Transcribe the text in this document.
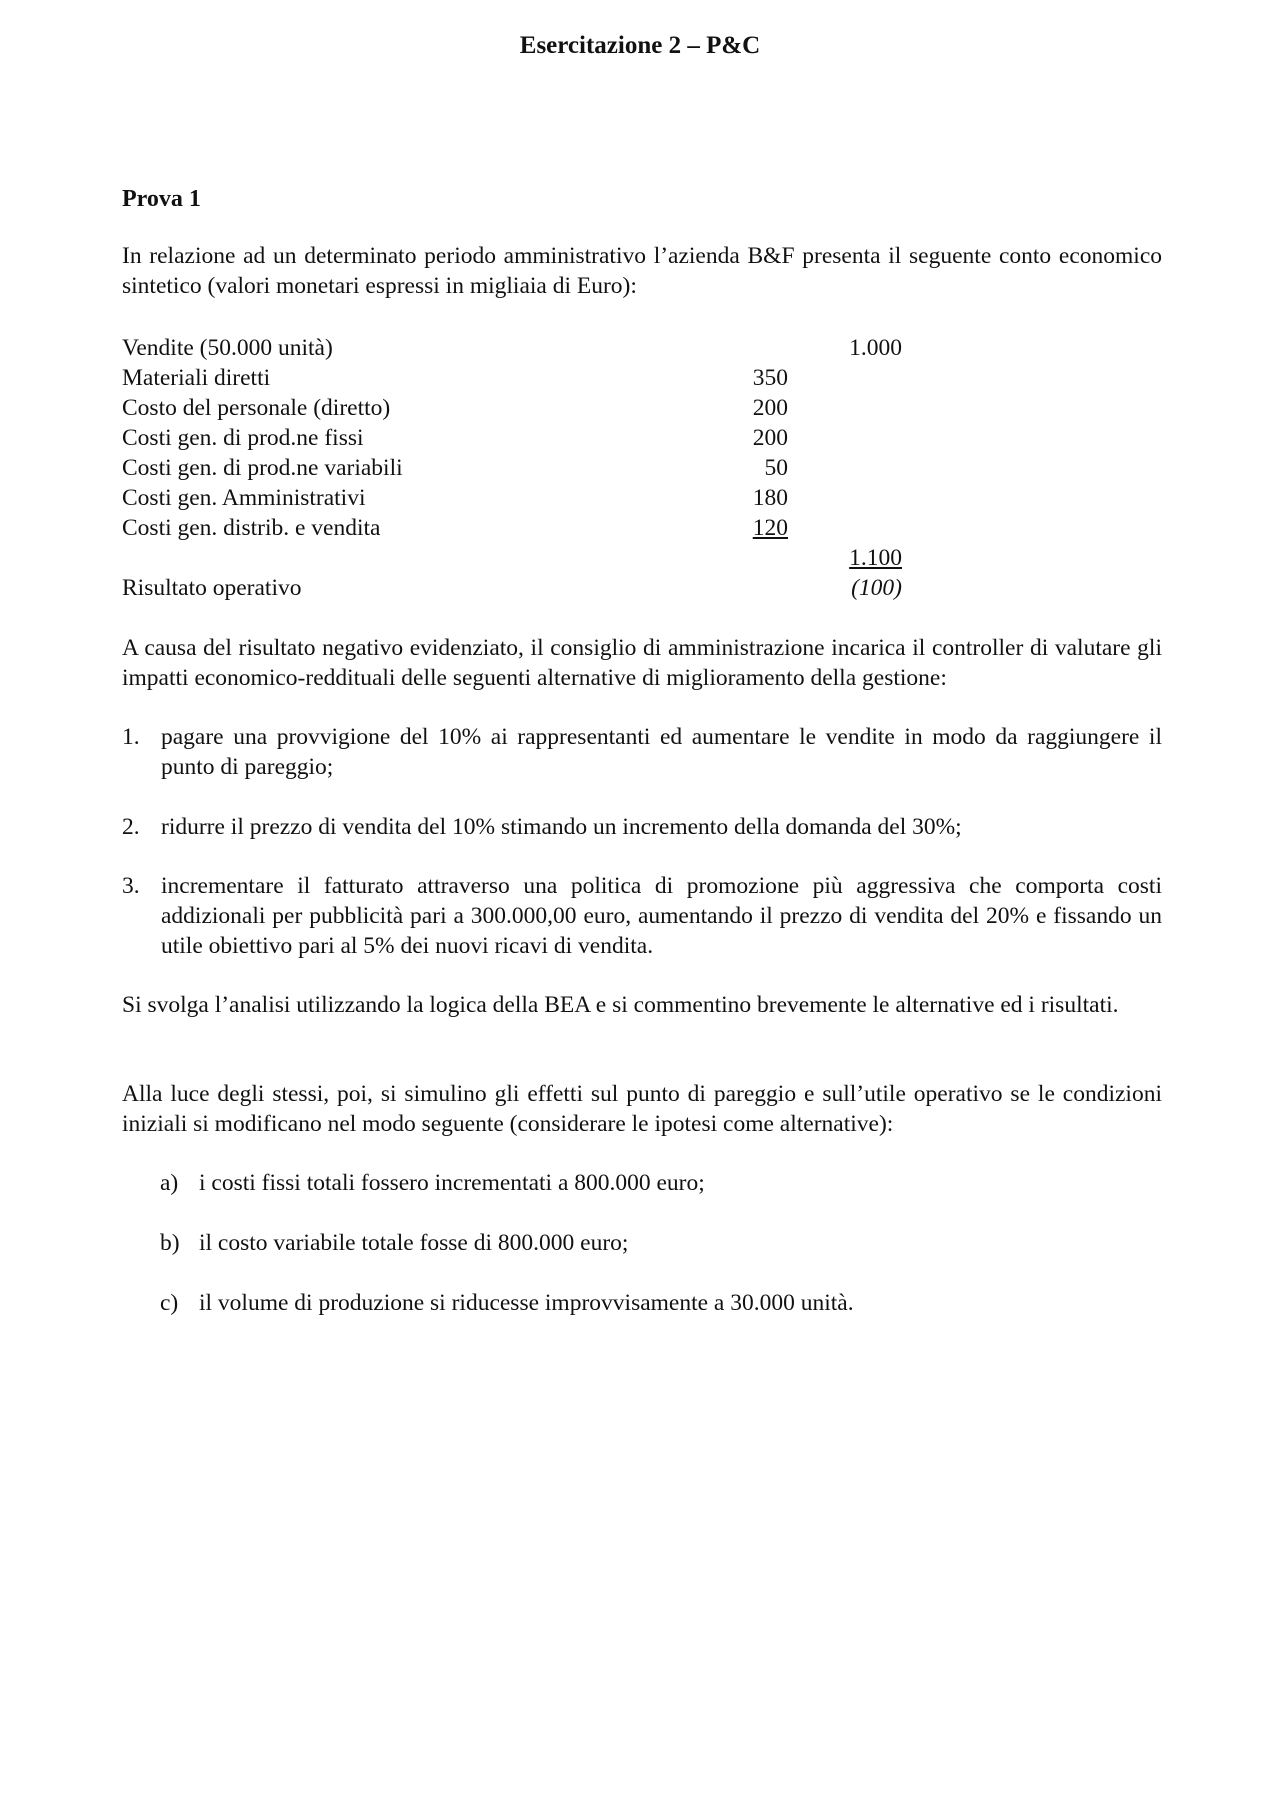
Esercitazione 2 – P&C
Prova 1
In relazione ad un determinato periodo amministrativo l’azienda B&F presenta il seguente conto economico sintetico (valori monetari espressi in migliaia di Euro):
Vendite (50.000 unità)	1.000
Materiali diretti	350
Costo del personale (diretto)	200
Costi gen. di prod.ne fissi	200
Costi gen. di prod.ne variabili	50
Costi gen. Amministrativi	180
Costi gen. distrib. e vendita	120
1.100
Risultato operativo	(100)
A causa del risultato negativo evidenziato, il consiglio di amministrazione incarica il controller di valutare gli impatti economico-reddituali delle seguenti alternative di miglioramento della gestione:
1. pagare una provvigione del 10% ai rappresentanti ed aumentare le vendite in modo da raggiungere il punto di pareggio;
2. ridurre il prezzo di vendita del 10% stimando un incremento della domanda del 30%;
3. incrementare il fatturato attraverso una politica di promozione più aggressiva che comporta costi addizionali per pubblicità pari a 300.000,00 euro, aumentando il prezzo di vendita del 20% e fissando un utile obiettivo pari al 5% dei nuovi ricavi di vendita.
Si svolga l’analisi utilizzando la logica della BEA e si commentino brevemente le alternative ed i risultati.
Alla luce degli stessi, poi, si simulino gli effetti sul punto di pareggio e sull’utile operativo se le condizioni iniziali si modificano nel modo seguente (considerare le ipotesi come alternative):
a) i costi fissi totali fossero incrementati a 800.000 euro;
b) il costo variabile totale fosse di 800.000 euro;
c) il volume di produzione si riducesse improvvisamente a 30.000 unità.
